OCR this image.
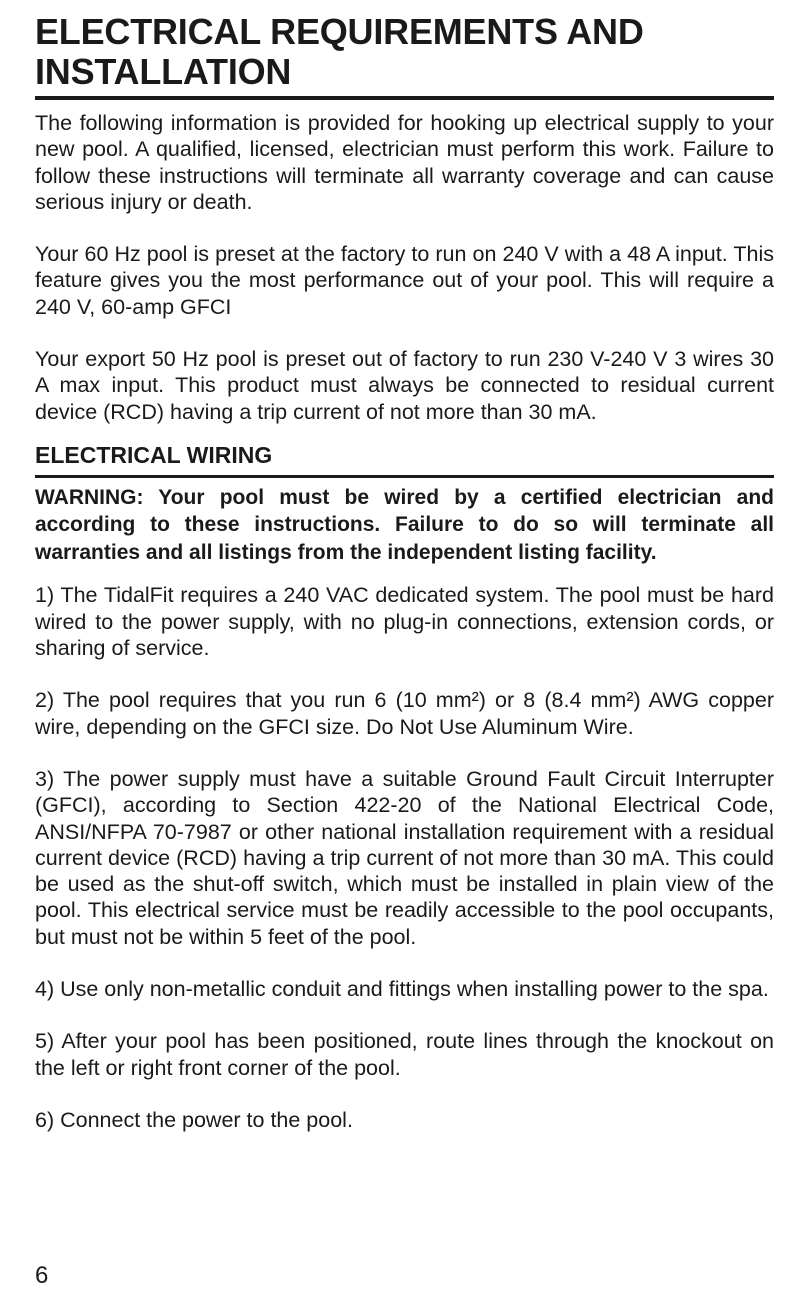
ELECTRICAL REQUIREMENTS AND INSTALLATION

The following information is provided for hooking up electrical supply to your new pool. A qualified, licensed, electrician must perform this work. Failure to follow these instructions will terminate all warranty coverage and can cause serious injury or death.

Your 60 Hz pool is preset at the factory to run on 240 V with a 48 A input. This feature gives you the most performance out of your pool. This will require a 240 V, 60-amp GFCI

Your export 50 Hz pool is preset out of factory to run 230 V-240 V 3 wires 30 A max input. This product must always be connected to residual current device (RCD) having a trip current of not more than 30 mA.

ELECTRICAL WIRING

WARNING: Your pool must be wired by a certified electrician and according to these instructions. Failure to do so will terminate all warranties and all listings from the independent listing facility.

1) The TidalFit requires a 240 VAC dedicated system. The pool must be hard wired to the power supply, with no plug-in connections, extension cords, or sharing of service.

2) The pool requires that you run 6 (10 mm²) or 8 (8.4 mm²) AWG copper wire, depending on the GFCI size. Do Not Use Aluminum Wire.

3) The power supply must have a suitable Ground Fault Circuit Interrupter (GFCI), according to Section 422-20 of the National Electrical Code, ANSI/NFPA 70-7987 or other national installation requirement with a residual current device (RCD) having a trip current of not more than 30 mA. This could be used as the shut-off switch, which must be installed in plain view of the pool. This electrical service must be readily accessible to the pool occupants, but must not be within 5 feet of the pool.

4) Use only non-metallic conduit and fittings when installing power to the spa.

5) After your pool has been positioned, route lines through the knockout on the left or right front corner of the pool.

6) Connect the power to the pool.

6
